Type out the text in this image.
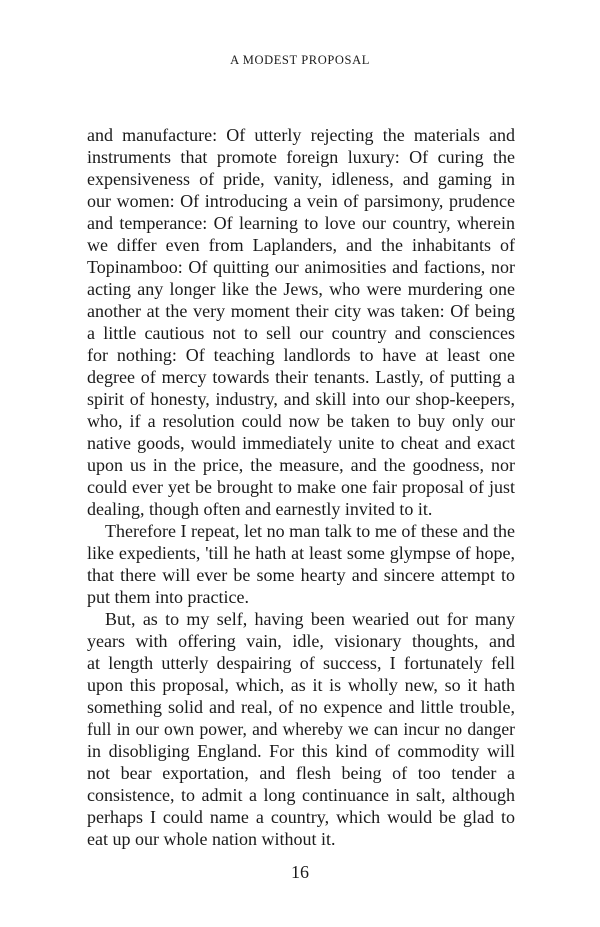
A MODEST PROPOSAL
and manufacture: Of utterly rejecting the materials and
instruments that promote foreign luxury: Of curing the
expensiveness of pride, vanity, idleness, and gaming in
our women: Of introducing a vein of parsimony, prudence
and temperance: Of learning to love our country, wherein
we differ even from Laplanders, and the inhabitants of
Topinamboo: Of quitting our animosities and factions, nor
acting any longer like the Jews, who were murdering one
another at the very moment their city was taken: Of being
a little cautious not to sell our country and consciences
for nothing: Of teaching landlords to have at least one
degree of mercy towards their tenants. Lastly, of putting a
spirit of honesty, industry, and skill into our shop-keepers,
who, if a resolution could now be taken to buy only our
native goods, would immediately unite to cheat and exact
upon us in the price, the measure, and the goodness, nor
could ever yet be brought to make one fair proposal of just
dealing, though often and earnestly invited to it.
Therefore I repeat, let no man talk to me of these and the
like expedients, 'till he hath at least some glympse of hope,
that there will ever be some hearty and sincere attempt to
put them into practice.
But, as to my self, having been wearied out for many
years with offering vain, idle, visionary thoughts, and
at length utterly despairing of success, I fortunately fell
upon this proposal, which, as it is wholly new, so it hath
something solid and real, of no expence and little trouble,
full in our own power, and whereby we can incur no danger
in disobliging England. For this kind of commodity will
not bear exportation, and flesh being of too tender a
consistence, to admit a long continuance in salt, although
perhaps I could name a country, which would be glad to
eat up our whole nation without it.
16
